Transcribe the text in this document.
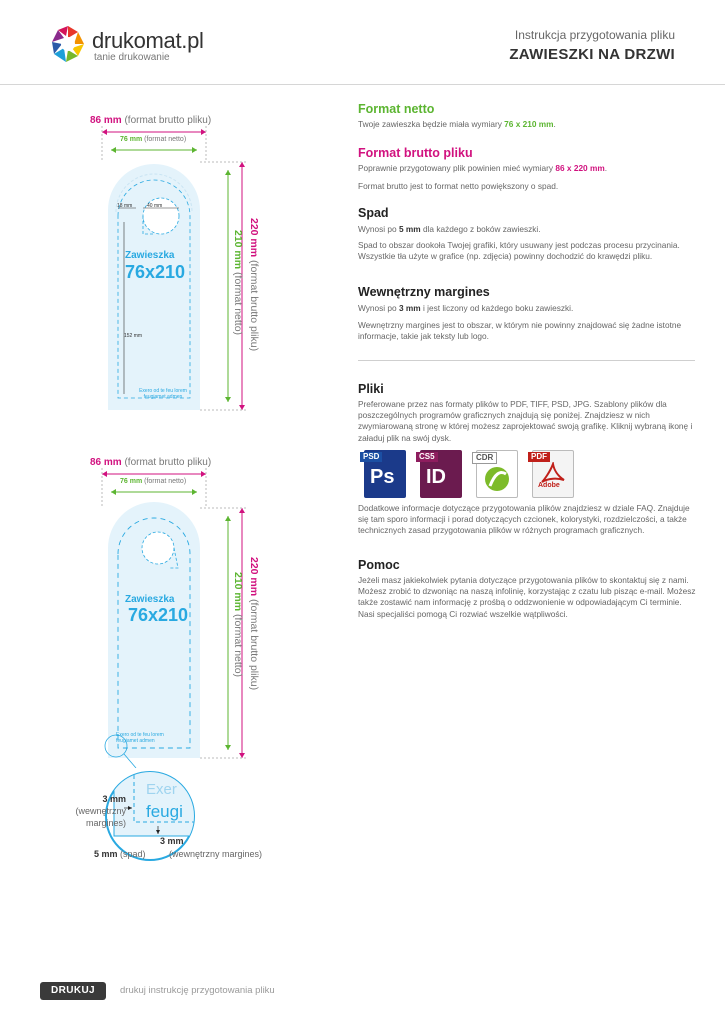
drukomat.pl
tanie drukowanie
Instrukcja przygotowania pliku
ZAWIESZKI NA DRZWI
Format netto
Twoje zawieszka będzie miała wymiary 76 x 210 mm.
Format brutto pliku
Poprawnie przygotowany plik powinien mieć wymiary 86 x 220 mm.
Format brutto jest to format netto powiększony o spad.
Spad
Wynosi po 5 mm dla każdego z boków zawieszki.
Spad to obszar dookoła Twojej grafiki, który usuwany jest podczas procesu przycinania. Wszystkie tła użyte w grafice (np. zdjęcia) powinny dochodzić do krawędzi pliku.
Wewnętrzny margines
Wynosi po 3 mm i jest liczony od każdego boku zawieszki.
Wewnętrzny margines jest to obszar, w którym nie powinny znajdować się żadne istotne informacje, takie jak teksty lub logo.
Pliki
Preferowane przez nas formaty plików to PDF, TIFF, PSD, JPG. Szablony plików dla poszczególnych programów graficznych znajdują się poniżej. Znajdziesz w nich zwymiarowaną stronę w której możesz zaprojektować swoją grafikę. Kliknij wybraną ikonę i załaduj plik na swój dysk.
PSD
Ps
CS5
ID
CDR	PDF
Adobe
Dodatkowe informacje dotyczące przygotowania plików znajdziesz w dziale FAQ. Znajduje się tam sporo informacji i porad dotyczących czcionek, kolorystyki, rozdzielczości, a także technicznych zasad przygotowania plików w różnych programach graficznych.
Pomoc
Jeżeli masz jakiekolwiek pytania dotyczące przygotowania plików to skontaktuj się z nami. Możesz zrobić to dzwoniąc na naszą infolinię, korzystając z czatu lub pisząc e-mail. Możesz także zostawić nam informację z prośbą o oddzwonienie w odpowiadającym Ci terminie. Nasi specjaliści pomogą Ci rozwiać wszelkie wątpliwości.
86 mm (format brutto pliku)
76 mm (format netto)
18 mm	40 mm
152 mm
Zawieszka
76x210
Exero od te feu lorem feugiamet admen
220 mm (format brutto pliku)
210 mm (format netto)
86 mm (format brutto pliku)
76 mm (format netto)
Zawieszka
76x210
Exero od te feu lorem feugiamet admen
220 mm (format brutto pliku)
210 mm (format netto)
Exer
feugi
3 mm
(wewnętrzny
margines)
3 mm
5 mm (spad)	(wewnętrzny margines)
DRUKUJ	drukuj instrukcję przygotowania pliku
